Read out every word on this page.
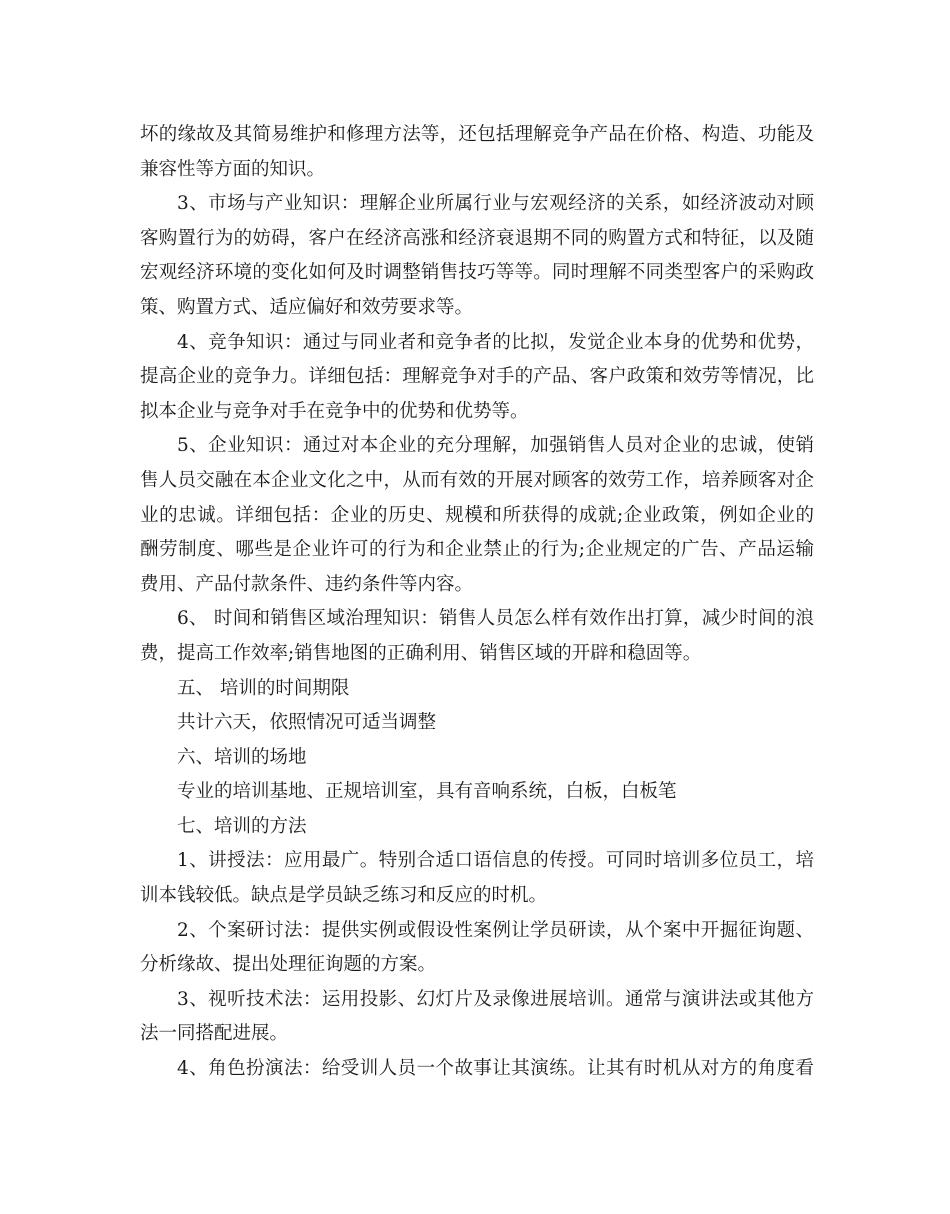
坏的缘故及其简易维护和修理方法等，还包括理解竞争产品在价格、构造、功能及
兼容性等方面的知识。
3、市场与产业知识：理解企业所属行业与宏观经济的关系，如经济波动对顾
客购置行为的妨碍，客户在经济高涨和经济衰退期不同的购置方式和特征，以及随
宏观经济环境的变化如何及时调整销售技巧等等。同时理解不同类型客户的采购政
策、购置方式、适应偏好和效劳要求等。
4、竞争知识：通过与同业者和竞争者的比拟，发觉企业本身的优势和优势，
提高企业的竞争力。详细包括：理解竞争对手的产品、客户政策和效劳等情况，比
拟本企业与竞争对手在竞争中的优势和优势等。
5、企业知识：通过对本企业的充分理解，加强销售人员对企业的忠诚，使销
售人员交融在本企业文化之中，从而有效的开展对顾客的效劳工作，培养顾客对企
业的忠诚。详细包括：企业的历史、规模和所获得的成就;企业政策，例如企业的
酬劳制度、哪些是企业许可的行为和企业禁止的行为;企业规定的广告、产品运输
费用、产品付款条件、违约条件等内容。
6、 时间和销售区域治理知识：销售人员怎么样有效作出打算，减少时间的浪
费，提高工作效率;销售地图的正确利用、销售区域的开辟和稳固等。
五、 培训的时间期限
共计六天，依照情况可适当调整
六、培训的场地
专业的培训基地、正规培训室，具有音响系统，白板，白板笔
七、培训的方法
1、讲授法：应用最广。特别合适口语信息的传授。可同时培训多位员工，培
训本钱较低。缺点是学员缺乏练习和反应的时机。
2、个案研讨法：提供实例或假设性案例让学员研读，从个案中开掘征询题、
分析缘故、提出处理征询题的方案。
3、视听技术法：运用投影、幻灯片及录像进展培训。通常与演讲法或其他方
法一同搭配进展。
4、角色扮演法：给受训人员一个故事让其演练。让其有时机从对方的角度看
